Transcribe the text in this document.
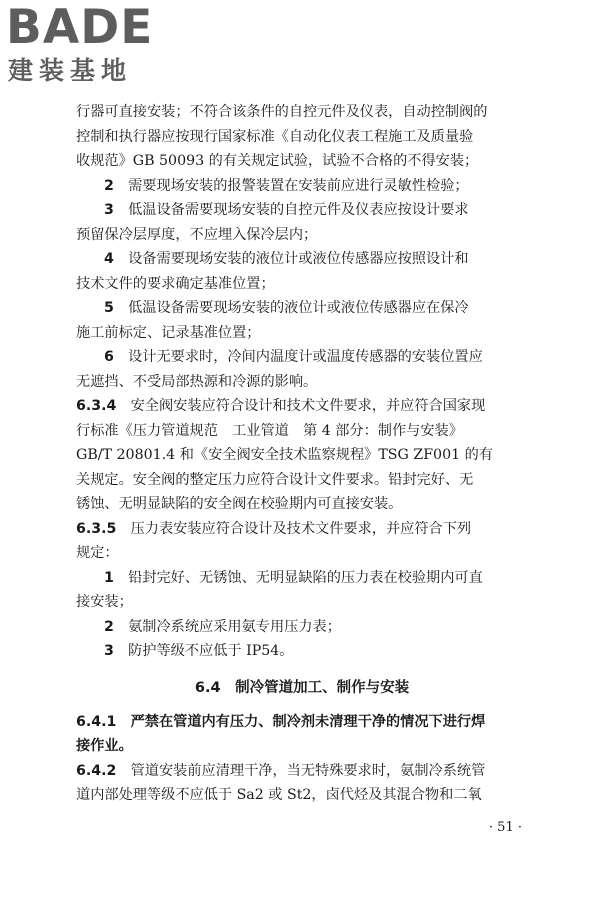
BADE
建装基地

行器可直接安装；不符合该条件的自控元件及仪表，自动控制阀的

控制和执行器应按现行国家标准《自动化仪表工程施工及质量验

收规范》GB 50093 的有关规定试验，试验不合格的不得安装；

2　 需要现场安装的报警装置在安装前应进行灵敏性检验；

3　 低温设备需要现场安装的自控元件及仪表应按设计要求

预留保冷层厚度，不应埋入保冷层内；

4　 设备需要现场安装的液位计或液位传感器应按照设计和

技术文件的要求确定基准位置；

5　 低温设备需要现场安装的液位计或液位传感器应在保冷

施工前标定、记录基准位置；

6　 设计无要求时，冷间内温度计或温度传感器的安装位置应

无遮挡、不受局部热源和冷源的影响。

6.3.4　 安全阀安装应符合设计和技术文件要求，并应符合国家现

行标准《压力管道规范　工业管道　第 4 部分：制作与安装》

GB/T 20801.4 和《安全阀安全技术监察规程》TSG ZF001 的有

关规定。安全阀的整定压力应符合设计文件要求。铅封完好、无

锈蚀、无明显缺陷的安全阀在校验期内可直接安装。

6.3.5　 压力表安装应符合设计及技术文件要求，并应符合下列

规定：

1　 铅封完好、无锈蚀、无明显缺陷的压力表在校验期内可直

接安装；

2　 氨制冷系统应采用氨专用压力表；

3　 防护等级不应低于 IP54。

6.4　 制冷管道加工、制作与安装

6.4.1　 严禁在管道内有压力、制冷剂未清理干净的情况下进行焊

接作业。

6.4.2　 管道安装前应清理干净，当无特殊要求时，氨制冷系统管

道内部处理等级不应低于 Sa2 或 St2，卤代烃及其混合物和二氧

· 51 ·
